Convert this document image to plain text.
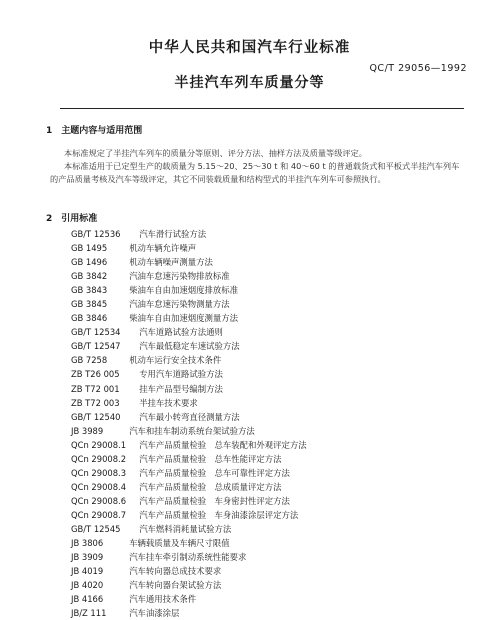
中华人民共和国汽车行业标准
QC/T 29056—1992
半挂汽车列车质量分等
1　主题内容与适用范围
本标准规定了半挂汽车列车的质量分等原则、评分方法、抽样方法及质量等级评定。
本标准适用于已定型生产的载质量为 5.15～20、25～30 t 和 40～60 t 的普通载货式和平板式半挂汽车列车的产品质量考核及汽车等级评定，其它不同装载质量和结构型式的半挂汽车列车可参照执行。
2　引用标准
GB/T 12536  汽车滑行试验方法
GB 1495 	机动车辆允许噪声
GB 1496 	机动车辆噪声测量方法
GB 3842 	汽油车怠速污染物排放标准
GB 3843 	柴油车自由加速烟度排放标准
GB 3845 	汽油车怠速污染物测量方法
GB 3846 	柴油车自由加速烟度测量方法
GB/T 12534  汽车道路试验方法通则
GB/T 12547  汽车最低稳定车速试验方法
GB 7258 	机动车运行安全技术条件
ZB T26 005  专用汽车道路试验方法
ZB T72 001  挂车产品型号编制方法
ZB T72 003  半挂车技术要求
GB/T 12540  汽车最小转弯直径测量方法
JB 3989 	汽车和挂车制动系统台架试验方法
QCn 29008.1  汽车产品质量检验　总车装配和外观评定方法
QCn 29008.2  汽车产品质量检验　总车性能评定方法
QCn 29008.3  汽车产品质量检验　总车可靠性评定方法
QCn 29008.4  汽车产品质量检验　总成质量评定方法
QCn 29008.6  汽车产品质量检验　车身密封性评定方法
QCn 29008.7  汽车产品质量检验　车身油漆涂层评定方法
GB/T 12545  汽车燃料消耗量试验方法
JB 3806 	车辆载质量及车辆尺寸限值
JB 3909 	汽车挂车牵引制动系统性能要求
JB 4019 	汽车转向器总成技术要求
JB 4020 	汽车转向器台架试验方法
JB 4166 	汽车通用技术条件
JB/Z 111 	汽车油漆涂层
